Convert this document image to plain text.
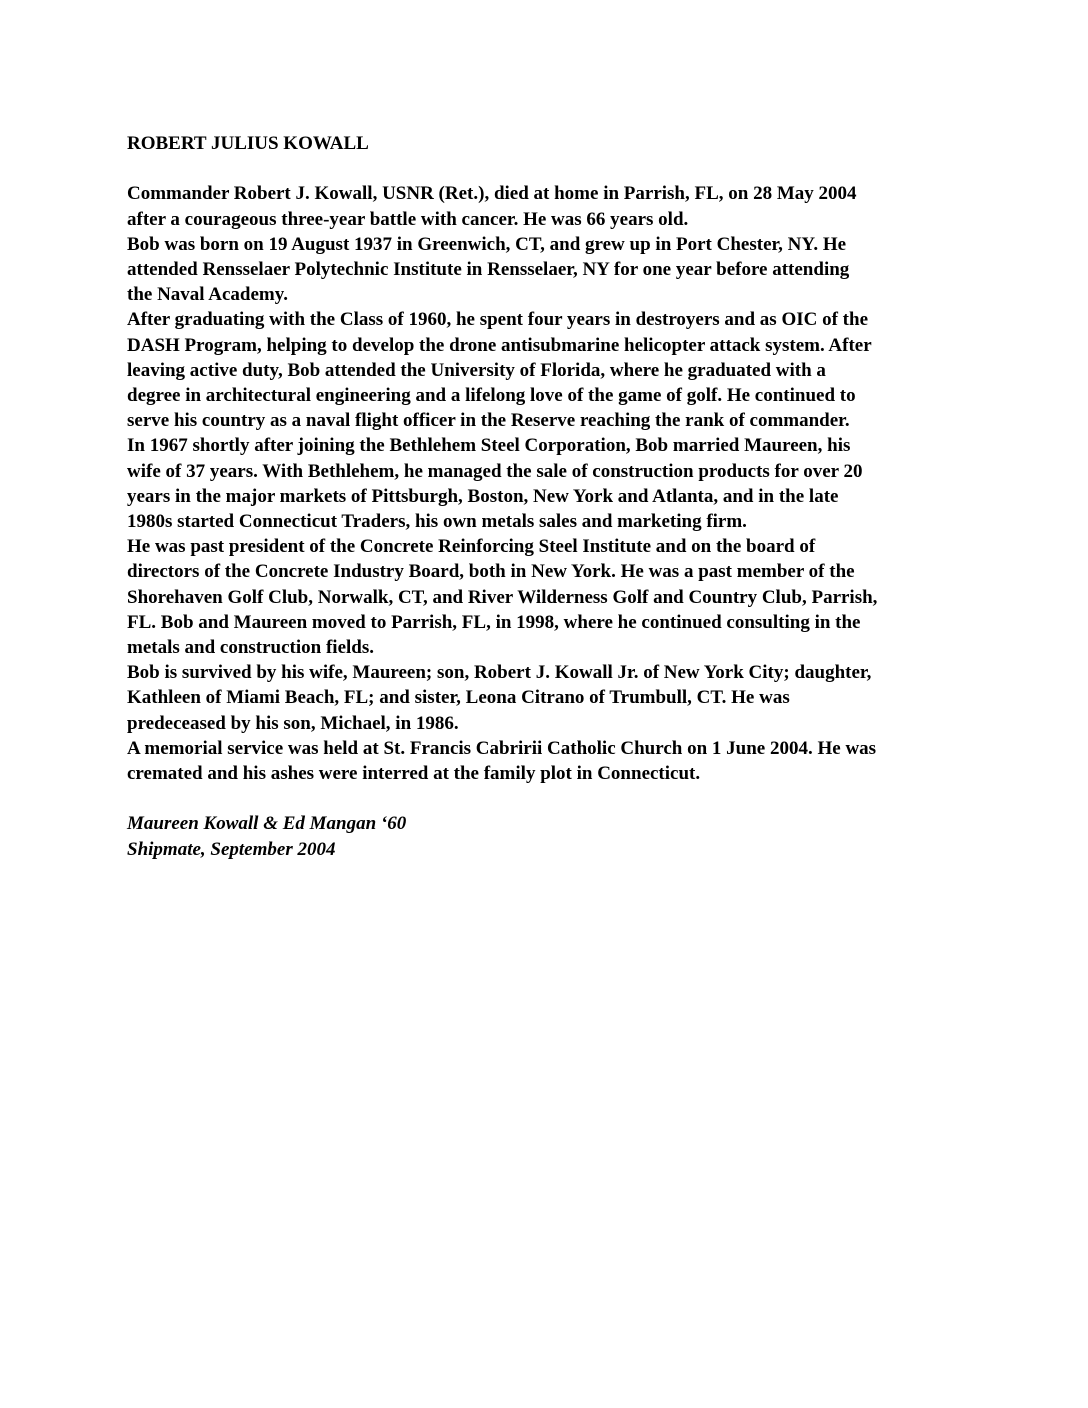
ROBERT JULIUS KOWALL
Commander Robert J. Kowall, USNR (Ret.), died at home in Parrish, FL, on 28 May 2004
after a courageous three-year battle with cancer. He was 66 years old.
Bob was born on 19 August 1937 in Greenwich, CT, and grew up in Port Chester, NY. He
attended Rensselaer Polytechnic Institute in Rensselaer, NY for one year before attending
the Naval Academy.
After graduating with the Class of 1960, he spent four years in destroyers and as OIC of the
DASH Program, helping to develop the drone antisubmarine helicopter attack system. After
leaving active duty, Bob attended the University of Florida, where he graduated with a
degree in architectural engineering and a lifelong love of the game of golf. He continued to
serve his country as a naval flight officer in the Reserve reaching the rank of commander.
In 1967 shortly after joining the Bethlehem Steel Corporation, Bob married Maureen, his
wife of 37 years. With Bethlehem, he managed the sale of construction products for over 20
years in the major markets of Pittsburgh, Boston, New York and Atlanta, and in the late
1980s started Connecticut Traders, his own metals sales and marketing firm.
He was past president of the Concrete Reinforcing Steel Institute and on the board of
directors of the Concrete Industry Board, both in New York. He was a past member of the
Shorehaven Golf Club, Norwalk, CT, and River Wilderness Golf and Country Club, Parrish,
FL. Bob and Maureen moved to Parrish, FL, in 1998, where he continued consulting in the
metals and construction fields.
Bob is survived by his wife, Maureen; son, Robert J. Kowall Jr. of New York City; daughter,
Kathleen of Miami Beach, FL; and sister, Leona Citrano of Trumbull, CT. He was
predeceased by his son, Michael, in 1986.
A memorial service was held at St. Francis Cabririi Catholic Church on 1 June 2004. He was
cremated and his ashes were interred at the family plot in Connecticut.
Maureen Kowall & Ed Mangan ‘60
Shipmate, September 2004
